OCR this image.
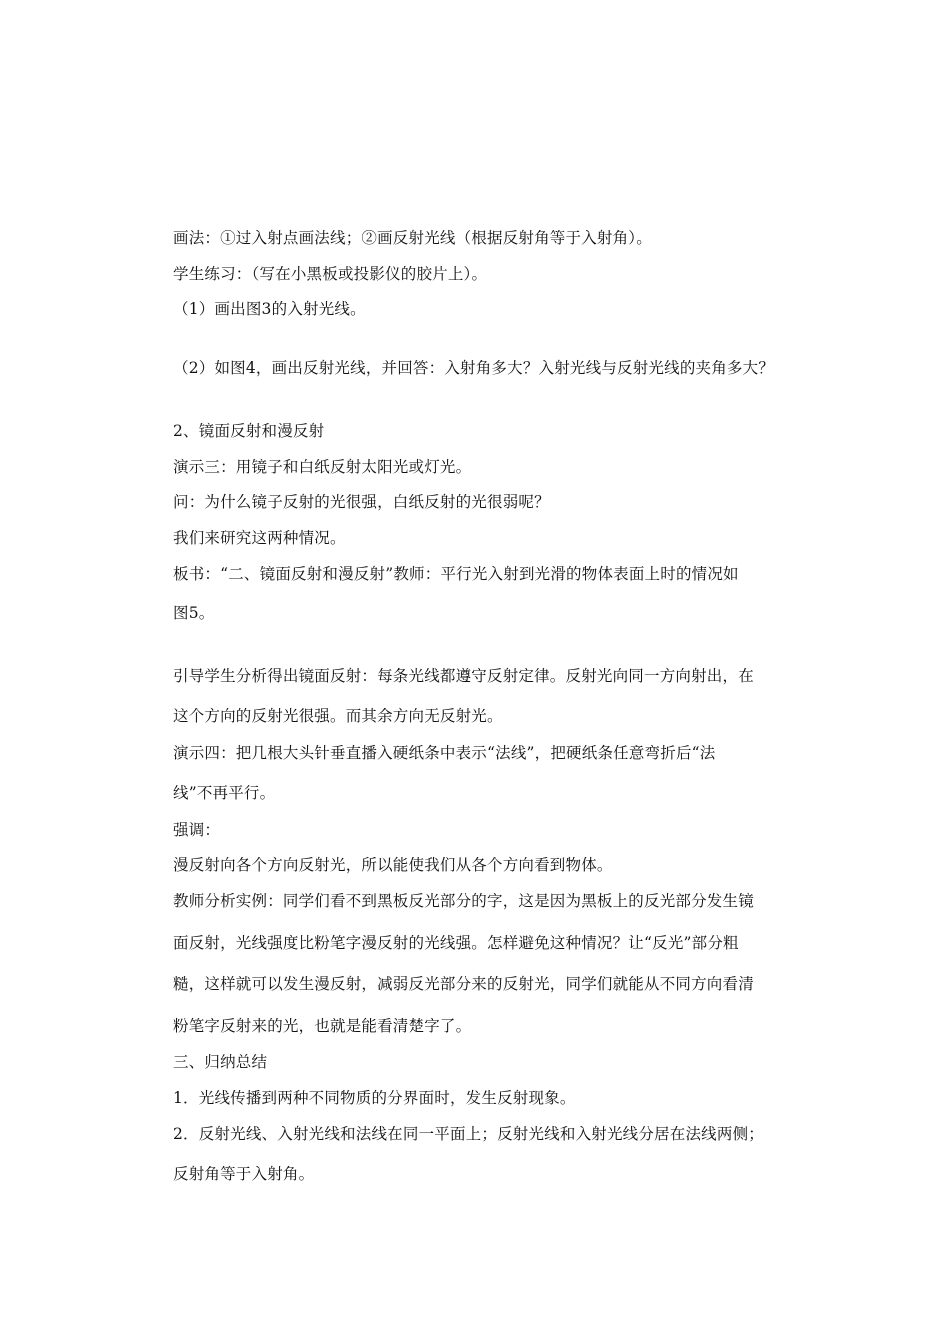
画法：①过入射点画法线；②画反射光线（根据反射角等于入射角）。
学生练习：（写在小黑板或投影仪的胶片上）。
（1）画出图3的入射光线。
（2）如图4，画出反射光线，并回答：入射角多大？入射光线与反射光线的夹角多大？
2、镜面反射和漫反射
演示三：用镜子和白纸反射太阳光或灯光。
问：为什么镜子反射的光很强，白纸反射的光很弱呢？
我们来研究这两种情况。
板书：“二、镜面反射和漫反射”教师：平行光入射到光滑的物体表面上时的情况如
图5。
引导学生分析得出镜面反射：每条光线都遵守反射定律。反射光向同一方向射出，在
这个方向的反射光很强。而其余方向无反射光。
演示四：把几根大头针垂直播入硬纸条中表示“法线”，把硬纸条任意弯折后“法
线”不再平行。
强调：
漫反射向各个方向反射光，所以能使我们从各个方向看到物体。
教师分析实例：同学们看不到黑板反光部分的字，这是因为黑板上的反光部分发生镜
面反射，光线强度比粉笔字漫反射的光线强。怎样避免这种情况？让“反光”部分粗
糙，这样就可以发生漫反射，减弱反光部分来的反射光，同学们就能从不同方向看清
粉笔字反射来的光，也就是能看清楚字了。
三、归纳总结
1．光线传播到两种不同物质的分界面时，发生反射现象。
2．反射光线、入射光线和法线在同一平面上；反射光线和入射光线分居在法线两侧；
反射角等于入射角。
